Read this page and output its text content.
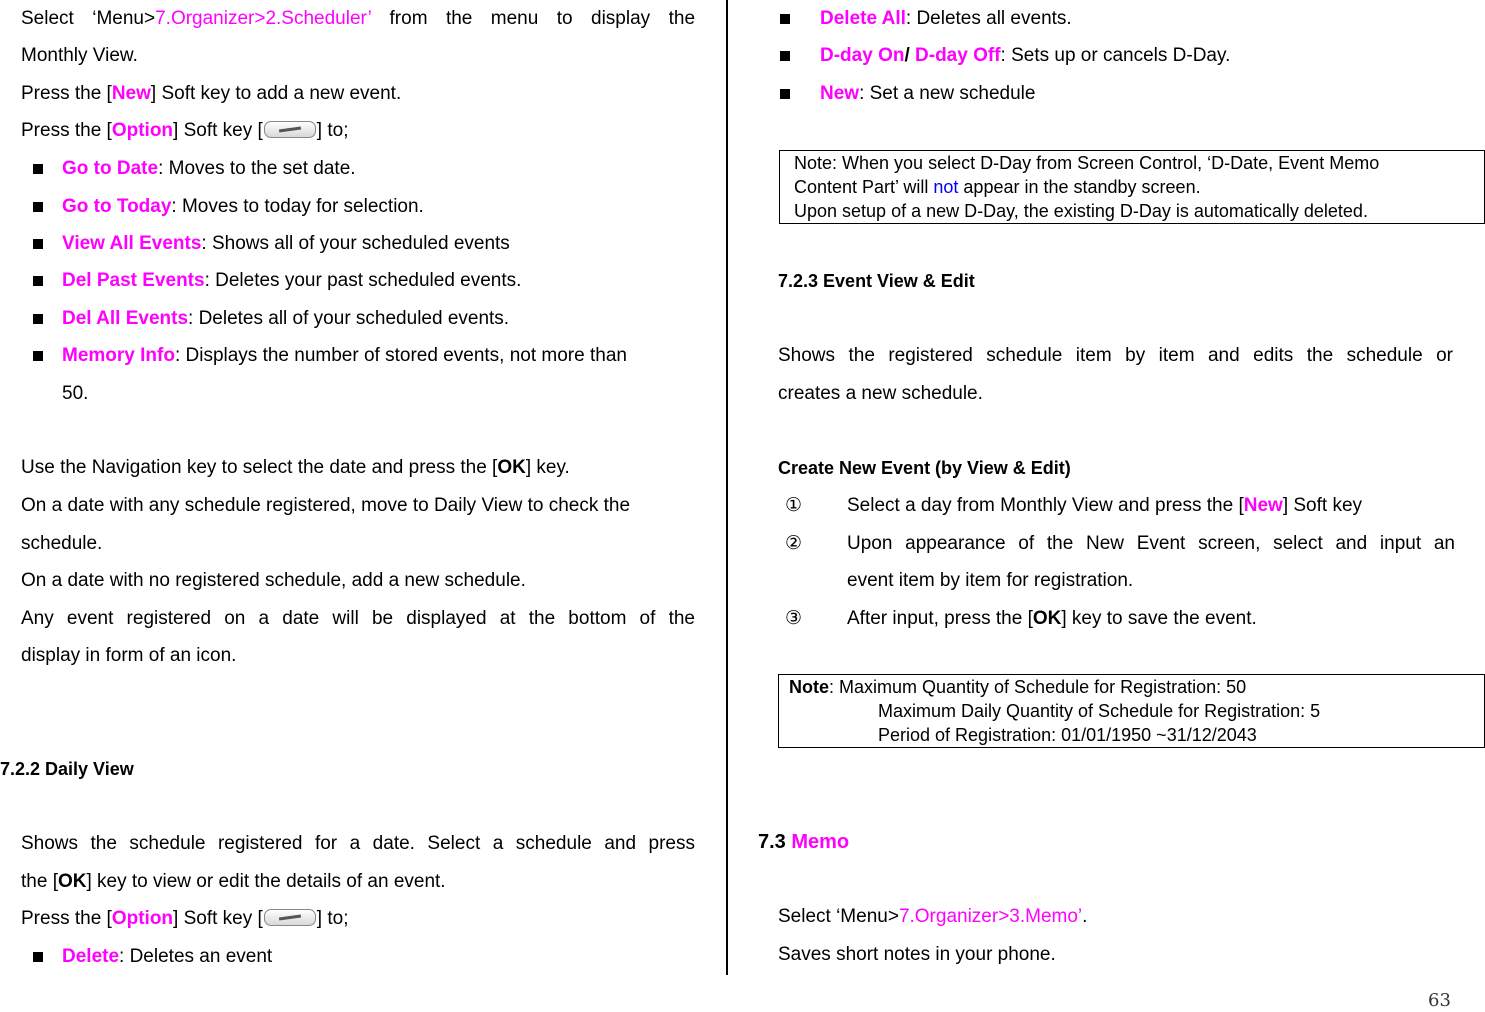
Select ‘Menu>7.Organizer>2.Scheduler’ from the menu to display the
Monthly View.
Press the [New] Soft key to add a new event.
Press the [Option] Soft key [	] to;
Go to Date: Moves to the set date.
Go to Today: Moves to today for selection.
View All Events: Shows all of your scheduled events
Del Past Events: Deletes your past scheduled events.
Del All Events: Deletes all of your scheduled events.
Memory Info: Displays the number of stored events, not more than
50.
Use the Navigation key to select the date and press the [OK] key.
On a date with any schedule registered, move to Daily View to check the
schedule.
On a date with no registered schedule, add a new schedule.
Any event registered on a date will be displayed at the bottom of the
display in form of an icon.
7.2.2 Daily View
Shows the schedule registered for a date. Select a schedule and press
the [OK] key to view or edit the details of an event.
Press the [Option] Soft key [	] to;
Delete: Deletes an event
Delete All: Deletes all events.
D-day On/ D-day Off: Sets up or cancels D-Day.
New: Set a new schedule
Note: When you select D-Day from Screen Control, ‘D-Date, Event Memo
Content Part’ will not appear in the standby screen.
Upon setup of a new D-Day, the existing D-Day is automatically deleted.
7.2.3 Event View & Edit
Shows the registered schedule item by item and edits the schedule or
creates a new schedule.
Create New Event (by View & Edit)
① Select a day from Monthly View and press the [New] Soft key
② Upon appearance of the New Event screen, select and input an
event item by item for registration.
③ After input, press the [OK] key to save the event.
Note: Maximum Quantity of Schedule for Registration: 50
Maximum Daily Quantity of Schedule for Registration: 5
Period of Registration: 01/01/1950 ~31/12/2043
7.3 Memo
Select ‘Menu>7.Organizer>3.Memo’.
Saves short notes in your phone.
63
